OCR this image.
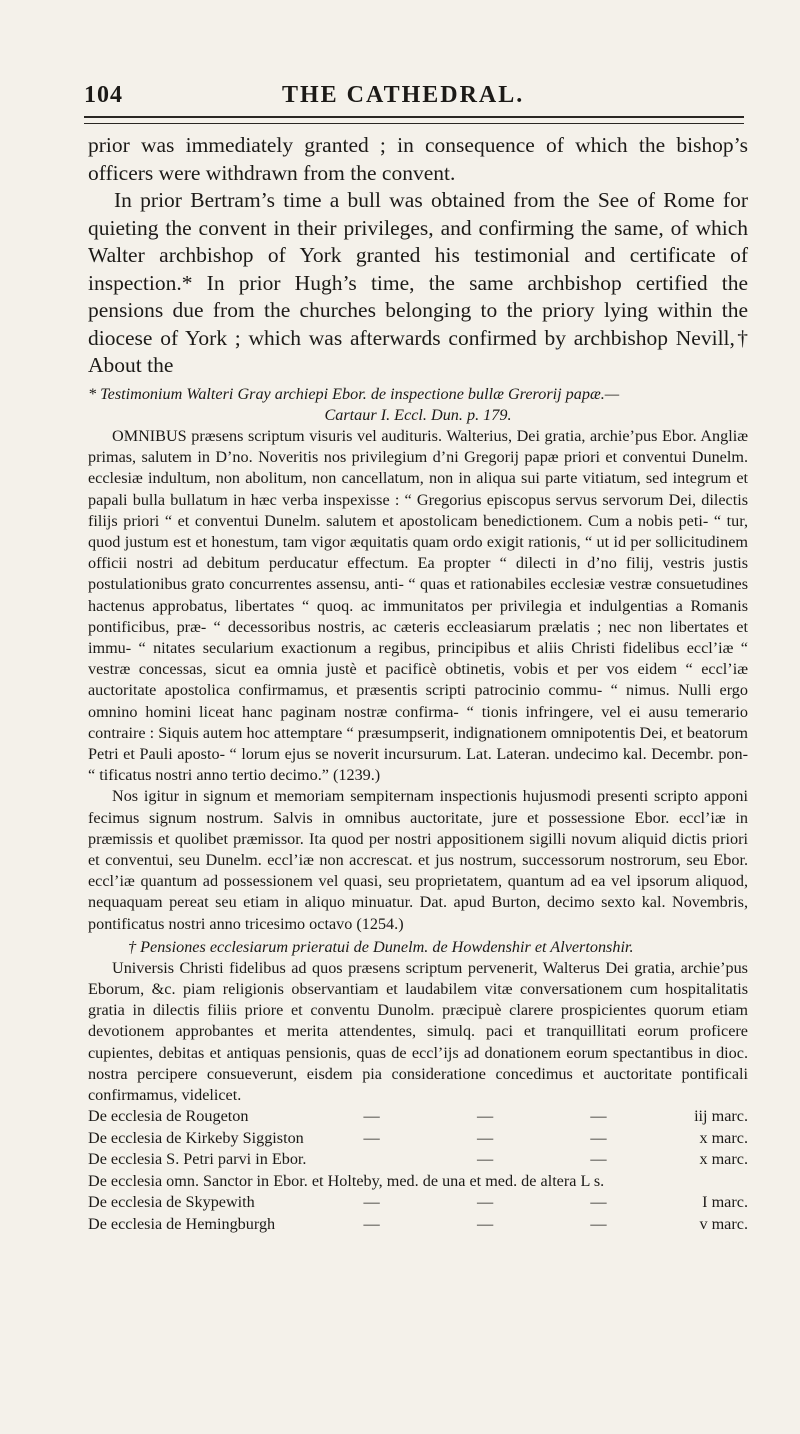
104	THE CATHEDRAL.

prior was immediately granted ; in consequence of which the bishop’s officers were withdrawn from the convent.

In prior Bertram’s time a bull was obtained from the See of Rome for quieting the convent in their privileges, and confirming the same, of which Walter archbishop of York granted his testimonial and certificate of inspection.* In prior Hugh’s time, the same archbishop certified the pensions due from the churches belonging to the priory lying within the diocese of York ; which was afterwards confirmed by archbishop Nevill,† About the

* Testimonium Walteri Gray archiepi Ebor. de inspectione bullæ Grerorij papæ.—

Cartaur I. Eccl. Dun. p. 179.

OMNIBUS præsens scriptum visuris vel audituris. Walterius, Dei gratia, archie’pus Ebor. Angliæ primas, salutem in D’no. Noveritis nos privilegium d’ni Gregorij papæ priori et conventui Dunelm. ecclesiæ indultum, non abolitum, non cancellatum, non in aliqua sui parte vitiatum, sed integrum et papali bulla bullatum in hæc verba inspexisse : “ Gregorius episcopus servus servorum Dei, dilectis filijs priori “ et conventui Dunelm. salutem et apostolicam benedictionem. Cum a nobis peti- “ tur, quod justum est et honestum, tam vigor æquitatis quam ordo exigit rationis, “ ut id per sollicitudinem officii nostri ad debitum perducatur effectum. Ea propter “ dilecti in d’no filij, vestris justis postulationibus grato concurrentes assensu, anti- “ quas et rationabiles ecclesiæ vestræ consuetudines hactenus approbatus, libertates “ quoq. ac immunitatos per privilegia et indulgentias a Romanis pontificibus, præ- “ decessoribus nostris, ac cæteris eccleasiarum prælatis ; nec non libertates et immu- “ nitates secularium exactionum a regibus, principibus et aliis Christi fidelibus eccl’iæ “ vestræ concessas, sicut ea omnia justè et pacificè obtinetis, vobis et per vos eidem “ eccl’iæ auctoritate apostolica confirmamus, et præsentis scripti patrocinio commu- “ nimus. Nulli ergo omnino homini liceat hanc paginam nostræ confirma- “ tionis infringere, vel ei ausu temerario contraire : Siquis autem hoc attemptare “ præsumpserit, indignationem omnipotentis Dei, et beatorum Petri et Pauli aposto- “ lorum ejus se noverit incursurum. Lat. Lateran. undecimo kal. Decembr. pon- “ tificatus nostri anno tertio decimo.” (1239.)

Nos igitur in signum et memoriam sempiternam inspectionis hujusmodi presenti scripto apponi fecimus signum nostrum. Salvis in omnibus auctoritate, jure et possessione Ebor. eccl’iæ in præmissis et quolibet præmissor. Ita quod per nostri appositionem sigilli novum aliquid dictis priori et conventui, seu Dunelm. eccl’iæ non accrescat. et jus nostrum, successorum nostrorum, seu Ebor. eccl’iæ quantum ad possessionem vel quasi, seu proprietatem, quantum ad ea vel ipsorum aliquod, nequaquam pereat seu etiam in aliquo minuatur. Dat. apud Burton, decimo sexto kal. Novembris, pontificatus nostri anno tricesimo octavo (1254.)

† Pensiones ecclesiarum prieratui de Dunelm. de Howdenshir et Alvertonshir.

Universis Christi fidelibus ad quos præsens scriptum pervenerit, Walterus Dei gratia, archie’pus Eborum, &c. piam religionis observantiam et laudabilem vitæ conversationem cum hospitalitatis gratia in dilectis filiis priore et conventu Dunolm. præcipuè clarere prospicientes quorum etiam devotionem approbantes et merita attendentes, simulq. paci et tranquillitati eorum proficere cupientes, debitas et antiquas pensionis, quas de eccl’ijs ad donationem eorum spectantibus in dioc. nostra percipere consueverunt, eisdem pia consideratione concedimus et auctoritate pontificali confirmamus, videlicet.

De ecclesia de Rougeton	—	—	—	iij marc.
De ecclesia de Kirkeby Siggiston	—	—	—	x marc.
De ecclesia S. Petri parvi in Ebor.		—	—	x marc.
De ecclesia omn. Sanctor in Ebor. et Holteby, med. de una et med. de altera L s.				
De ecclesia de Skypewith	—	—	—	I marc.
De ecclesia de Hemingburgh	—	—	—	v marc.
